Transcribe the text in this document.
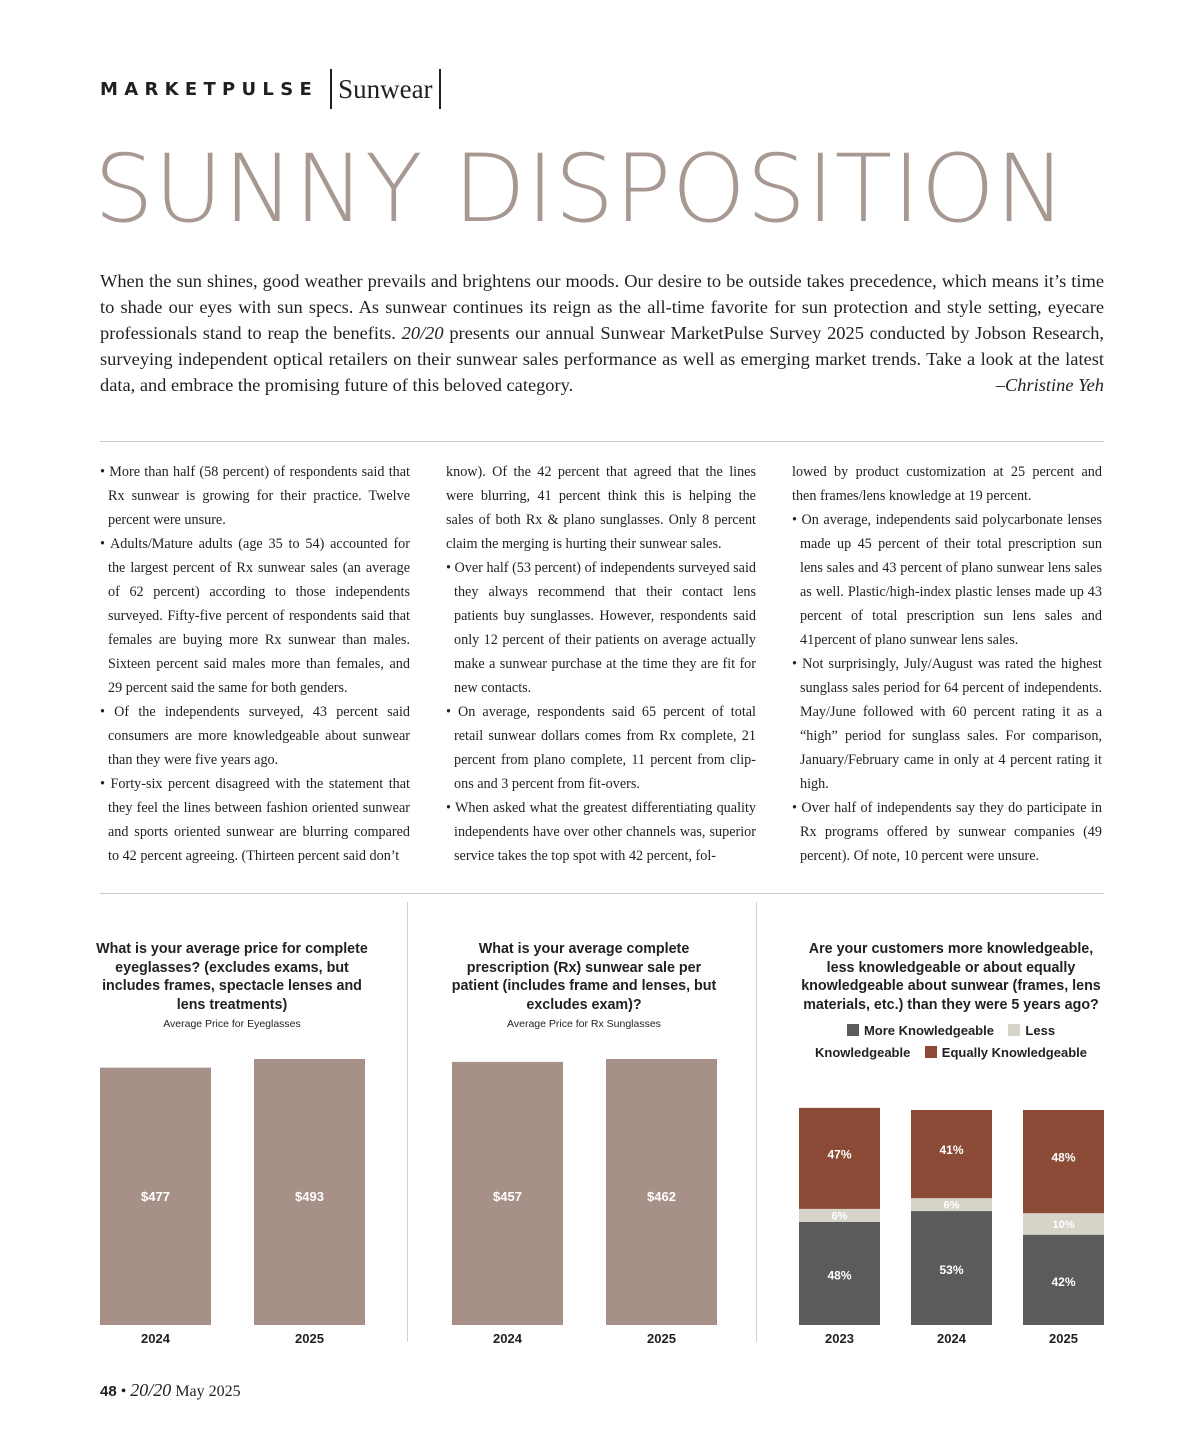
MARKETPULSE Sunwear
SUNNY DISPOSITION
When the sun shines, good weather prevails and brightens our moods. Our desire to be outside takes precedence, which means it’s time to shade our eyes with sun specs. As sunwear continues its reign as the all-time favorite for sun protection and style setting, eyecare professionals stand to reap the benefits. 20/20 presents our annual Sunwear MarketPulse Survey 2025 conducted by Jobson Research, surveying independent optical retailers on their sunwear sales performance as well as emerging market trends. Take a look at the latest data, and embrace the promising future of this beloved category.	–Christine Yeh

• More than half (58 percent) of respondents said that Rx sunwear is growing for their practice. Twelve percent were unsure.

• Adults/Mature adults (age 35 to 54) accounted for the largest percent of Rx sunwear sales (an average of 62 percent) according to those independents surveyed. Fifty-five percent of respondents said that females are buying more Rx sunwear than males. Sixteen percent said males more than females, and 29 percent said the same for both genders.

• Of the independents surveyed, 43 percent said consumers are more knowledgeable about sunwear than they were five years ago.

• Forty-six percent disagreed with the statement that they feel the lines between fashion oriented sunwear and sports oriented sunwear are blurring compared to 42 percent agreeing. (Thirteen percent said don’t

know). Of the 42 percent that agreed that the lines were blurring, 41 percent think this is helping the sales of both Rx & plano sunglasses. Only 8 percent claim the merging is hurting their sunwear sales.

• Over half (53 percent) of independents surveyed said they always recommend that their contact lens patients buy sunglasses. However, respondents said only 12 percent of their patients on average actually make a sunwear purchase at the time they are fit for new contacts.

• On average, respondents said 65 percent of total retail sunwear dollars comes from Rx complete, 21 percent from plano complete, 11 percent from clip-ons and 3 percent from fit-overs.

• When asked what the greatest differentiating quality independents have over other channels was, superior service takes the top spot with 42 percent, fol-

lowed by product customization at 25 percent and then frames/lens knowledge at 19 percent.

• On average, independents said polycarbonate lenses made up 45 percent of their total prescription sun lens sales and 43 percent of plano sunwear lens sales as well. Plastic/high-index plastic lenses made up 43 percent of total prescription sun lens sales and 41percent of plano sunwear lens sales.

• Not surprisingly, July/August was rated the highest sunglass sales period for 64 percent of independents. May/June followed with 60 percent rating it as a “high” period for sunglass sales. For comparison, January/February came in only at 4 percent rating it high.

• Over half of independents say they do participate in Rx programs offered by sunwear companies (49 percent). Of note, 10 percent were unsure.

What is your average price for complete eyeglasses? (excludes exams, but includes frames, spectacle lenses and lens treatments)

Average Price for Eyeglasses
$477
2024
$493
2025

What is your average complete prescription (Rx) sunwear sale per patient (includes frame and lenses, but excludes exam)?

Average Price for Rx Sunglasses
$457
2024
$462
2025

Are your customers more knowledgeable, less knowledgeable or about equally knowledgeable about sunwear (frames, lens materials, etc.) than they were 5 years ago?

More Knowledgeable Less Knowledgeable Equally Knowledgeable
48%
6%
47%
2023
53%
6%
41%
2024
42%
10%
48%
2025
48 • 20/20 May 2025
